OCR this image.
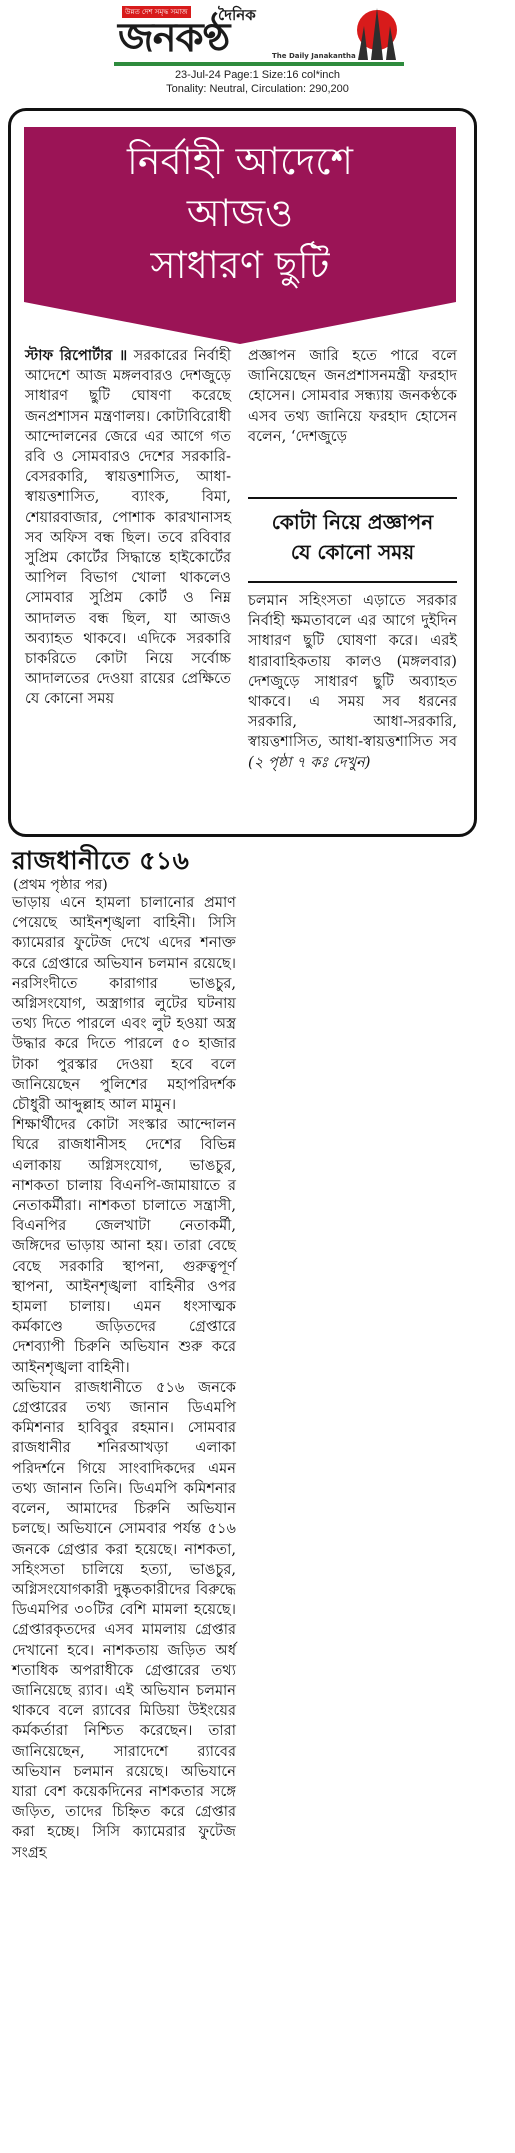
উন্নত দেশ সমৃদ্ধ সমাজ দৈনিক
জনকণ্ঠ	The Daily Janakantha
23-Jul-24 Page:1 Size:16 col*inch
Tonality: Neutral, Circulation: 290,200
নির্বাহী আদেশে
আজও
সাধারণ ছুটি
স্টাফ রিপোর্টার ॥ সরকারের নির্বাহী আদেশে আজ মঙ্গলবারও দেশজুড়ে সাধারণ ছুটি ঘোষণা করেছে জনপ্রশাসন মন্ত্রণালয়। কোটাবিরোধী আন্দোলনের জেরে এর আগে গত রবি ও সোমবারও দেশের সরকারি-বেসরকারি, স্বায়ত্তশাসিত, আধা-স্বায়ত্তশাসিত, ব্যাংক, বিমা, শেয়ারবাজার, পোশাক কারখানাসহ সব অফিস বন্ধ ছিল। তবে রবিবার সুপ্রিম কোর্টের সিদ্ধান্তে হাইকোর্টের আপিল বিভাগ খোলা থাকলেও সোমবার সুপ্রিম কোর্ট ও নিম্ন আদালত বন্ধ ছিল, যা আজও অব্যাহত থাকবে। এদিকে সরকারি চাকরিতে কোটা নিয়ে সর্বোচ্চ আদালতের দেওয়া রায়ের প্রেক্ষিতে যে কোনো সময়
প্রজ্ঞাপন জারি হতে পারে বলে জানিয়েছেন জনপ্রশাসনমন্ত্রী ফরহাদ হোসেন। সোমবার সন্ধ্যায় জনকণ্ঠকে এসব তথ্য জানিয়ে ফরহাদ হোসেন বলেন, ‘দেশজুড়ে
কোটা নিয়ে প্রজ্ঞাপন
যে কোনো সময়
চলমান সহিংসতা এড়াতে সরকার নির্বাহী ক্ষমতাবলে এর আগে দুইদিন সাধারণ ছুটি ঘোষণা করে। এরই ধারাবাহিকতায় কালও (মঙ্গলবার) দেশজুড়ে সাধারণ ছুটি অব্যাহত থাকবে। এ সময় সব ধরনের সরকারি, আধা-সরকারি, স্বায়ত্তশাসিত, আধা-স্বায়ত্তশাসিত সব (২ পৃষ্ঠা ৭ কঃ দেখুন)
রাজধানীতে ৫১৬
(প্রথম পৃষ্ঠার পর)
ভাড়ায় এনে হামলা চালানোর প্রমাণ পেয়েছে আইনশৃঙ্খলা বাহিনী। সিসি ক্যামেরার ফুটেজ দেখে এদের শনাক্ত করে গ্রেপ্তারে অভিযান চলমান রয়েছে। নরসিংদীতে কারাগার ভাঙচুর, অগ্নিসংযোগ, অস্ত্রাগার লুটের ঘটনায় তথ্য দিতে পারলে এবং লুট হওয়া অস্ত্র উদ্ধার করে দিতে পারলে ৫০ হাজার টাকা পুরস্কার দেওয়া হবে বলে জানিয়েছেন পুলিশের মহাপরিদর্শক চৌধুরী আব্দুল্লাহ আল মামুন।
শিক্ষার্থীদের কোটা সংস্কার আন্দোলন ঘিরে রাজধানীসহ দেশের বিভিন্ন এলাকায় অগ্নিসংযোগ, ভাঙচুর, নাশকতা চালায় বিএনপি-জামায়াতে র নেতাকর্মীরা। নাশকতা চালাতে সন্ত্রাসী, বিএনপির জেলখাটা নেতাকর্মী, জঙ্গিদের ভাড়ায় আনা হয়। তারা বেছে বেছে সরকারি স্থাপনা, গুরুত্বপূর্ণ স্থাপনা, আইনশৃঙ্খলা বাহিনীর ওপর হামলা চালায়। এমন ধংসাত্মক কর্মকাণ্ডে জড়িতদের গ্রেপ্তারে দেশব্যাপী চিরুনি অভিযান শুরু করে আইনশৃঙ্খলা বাহিনী।
অভিযান রাজধানীতে ৫১৬ জনকে গ্রেপ্তারের তথ্য জানান ডিএমপি কমিশনার হাবিবুর রহমান। সোমবার রাজধানীর শনিরআখড়া এলাকা পরিদর্শনে গিয়ে সাংবাদিকদের এমন তথ্য জানান তিনি। ডিএমপি কমিশনার বলেন, আমাদের চিরুনি অভিযান চলছে। অভিযানে সোমবার পর্যন্ত ৫১৬ জনকে গ্রেপ্তার করা হয়েছে। নাশকতা, সহিংসতা চালিয়ে হত্যা, ভাঙচুর, অগ্নিসংযোগকারী দুষ্কৃতকারীদের বিরুদ্ধে ডিএমপির ৩০টির বেশি মামলা হয়েছে। গ্রেপ্তারকৃতদের এসব মামলায় গ্রেপ্তার দেখানো হবে। নাশকতায় জড়িত অর্ধ শতাধিক অপরাধীকে গ্রেপ্তারের তথ্য জানিয়েছে র‍্যাব। এই অভিযান চলমান থাকবে বলে র‍্যাবের মিডিয়া উইংয়ের কর্মকর্তারা নিশ্চিত করেছেন। তারা জানিয়েছেন, সারাদেশে র‍্যাবের অভিযান চলমান রয়েছে। অভিযানে যারা বেশ কয়েকদিনের নাশকতার সঙ্গে জড়িত, তাদের চিহ্নিত করে গ্রেপ্তার করা হচ্ছে। সিসি ক্যামেরার ফুটেজ সংগ্রহ
